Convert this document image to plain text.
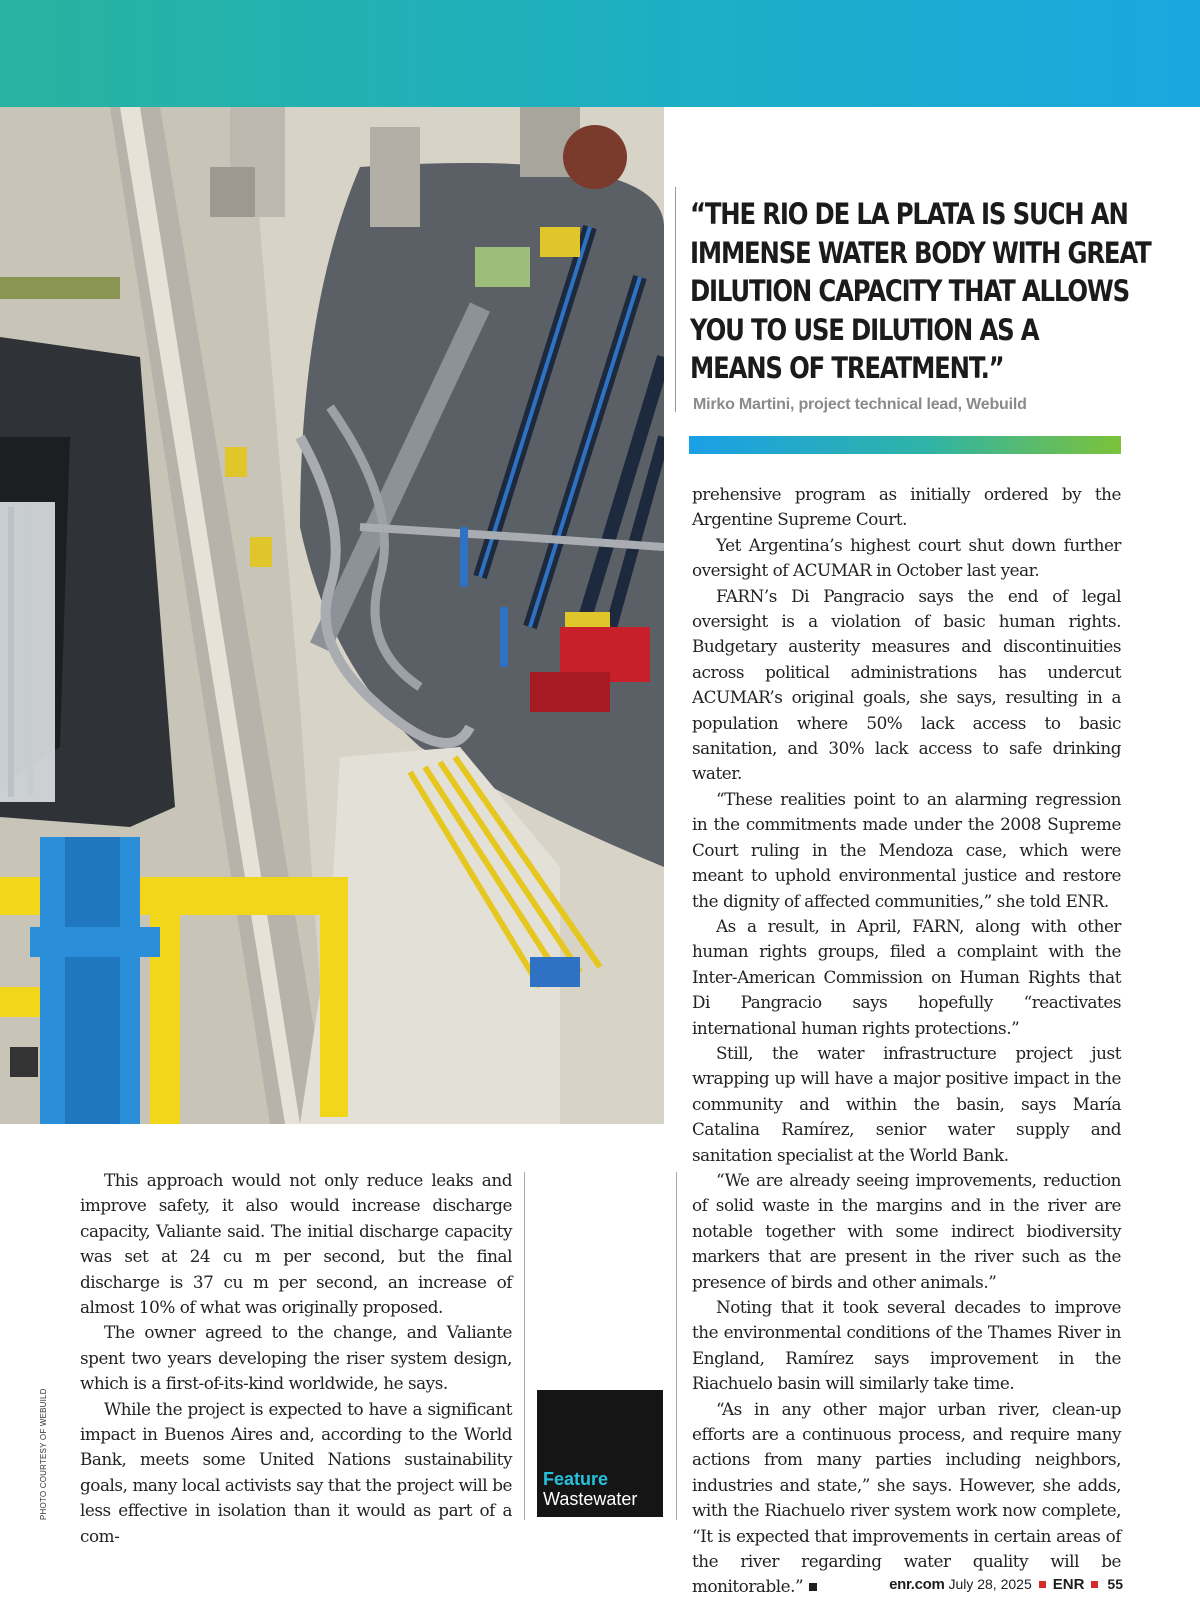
PHOTO COURTESY OF WEBUILD
“THE RIO DE LA PLATA IS SUCH AN
IMMENSE WATER BODY WITH GREAT
DILUTION CAPACITY THAT ALLOWS
YOU TO USE DILUTION AS A
MEANS OF TREATMENT.”
Mirko Martini, project technical lead, Webuild

prehensive program as initially ordered by the Argentine Supreme Court.

Yet Argentina’s highest court shut down further oversight of ACUMAR in October last year.

FARN’s Di Pangracio says the end of legal oversight is a violation of basic human rights. Budgetary austerity measures and discontinuities across political administrations has undercut ACUMAR’s original goals, she says, resulting in a population where 50% lack access to basic sanitation, and 30% lack access to safe drinking water.

“These realities point to an alarming regression in the commitments made under the 2008 Supreme Court ruling in the Mendoza case, which were meant to uphold environmental justice and restore the dignity of affected communities,” she told ENR.

As a result, in April, FARN, along with other human rights groups, filed a complaint with the Inter-American Commission on Human Rights that Di Pangracio says hopefully “reactivates international human rights protections.”

Still, the water infrastructure project just wrapping up will have a major positive impact in the community and within the basin, says María Catalina Ramírez, senior water supply and sanitation specialist at the World Bank.

“We are already seeing improvements, reduction of solid waste in the margins and in the river are notable together with some indirect biodiversity markers that are present in the river such as the presence of birds and other animals.”

Noting that it took several decades to improve the environmental conditions of the Thames River in England, Ramírez says improvement in the Riachuelo basin will similarly take time.

“As in any other major urban river, clean-up efforts are a continuous process, and require many actions from many parties including neighbors, industries and state,” she says. However, she adds, with the Riachuelo river system work now complete, “It is expected that improvements in certain areas of the river regarding water quality will be monitorable.”

This approach would not only reduce leaks and improve safety, it also would increase discharge capacity, Valiante said. The initial discharge capacity was set at 24 cu m per second, but the final discharge is 37 cu m per second, an increase of almost 10% of what was originally proposed.

The owner agreed to the change, and Valiante spent two years developing the riser system design, which is a first-of-its-kind worldwide, he says.

While the project is expected to have a significant impact in Buenos Aires and, according to the World Bank, meets some United Nations sustainability goals, many local activists say that the project will be less effective in isolation than it would as part of a com-

Feature
Wastewater
enr.com July 28, 2025 ENR 55
